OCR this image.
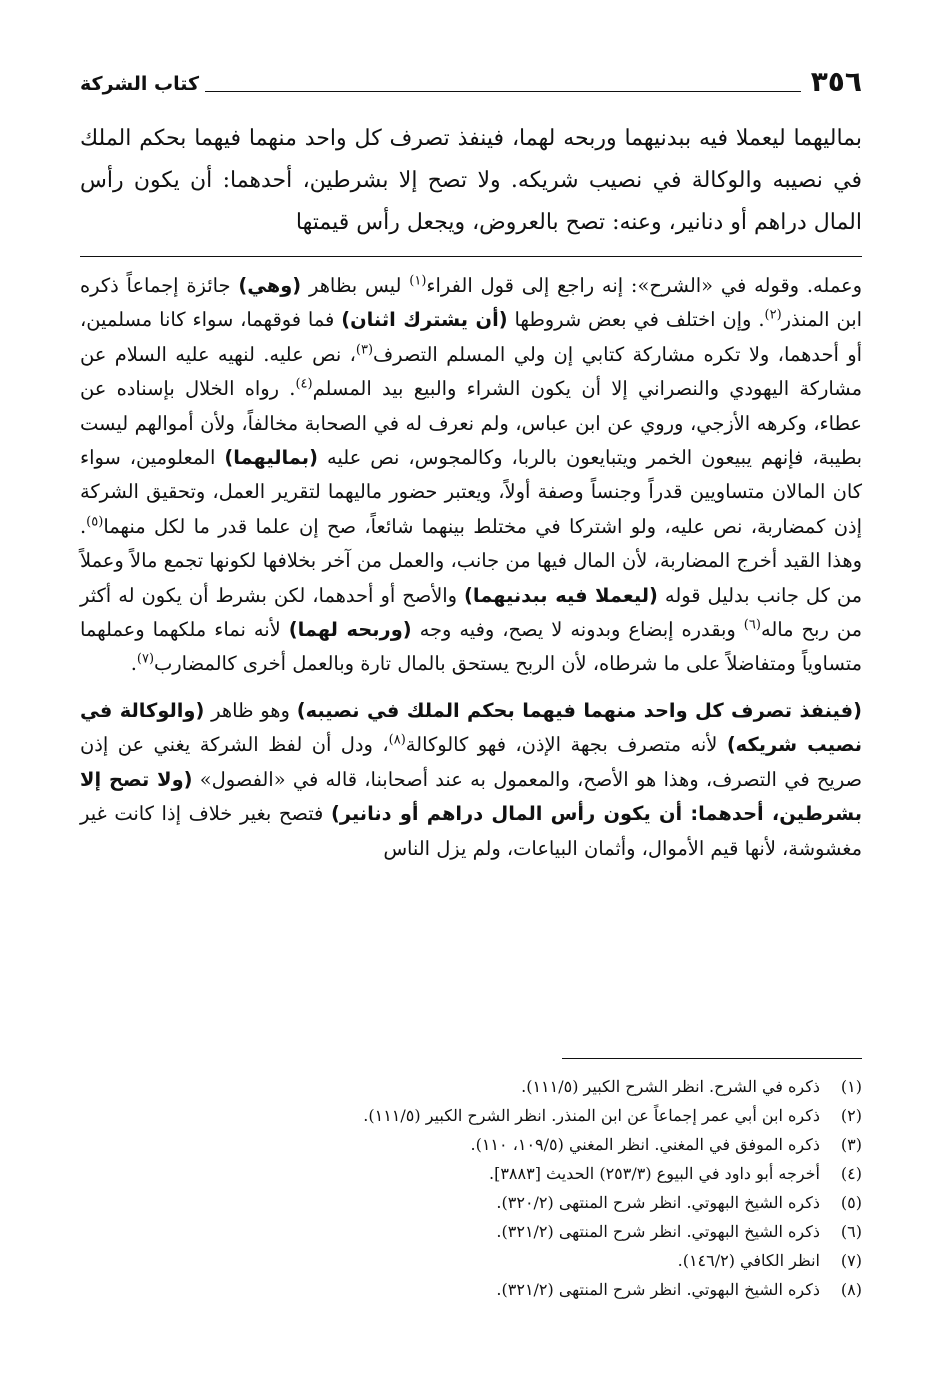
٣٥٦
كتاب الشركة

بماليهما ليعملا فيه ببدنيهما وربحه لهما، فينفذ تصرف كل واحد منهما فيهما بحكم الملك في نصيبه والوكالة في نصيب شريكه. ولا تصح إلا بشرطين، أحدهما: أن يكون رأس المال دراهم أو دنانير، وعنه: تصح بالعروض، ويجعل رأس قيمتها

وعمله. وقوله في «الشرح»: إنه راجع إلى قول الفراء$^{(١)}$ ليس بظاهر (وهي) جائزة إجماعاً ذكره ابن المنذر$^{(٢)}$. وإن اختلف في بعض شروطها (أن يشترك اثنان) فما فوقهما، سواء كانا مسلمين، أو أحدهما، ولا تكره مشاركة كتابي إن ولي المسلم التصرف$^{(٣)}$، نص عليه. لنهيه عليه السلام عن مشاركة اليهودي والنصراني إلا أن يكون الشراء والبيع بيد المسلم$^{(٤)}$. رواه الخلال بإسناده عن عطاء، وكرهه الأزجي، وروي عن ابن عباس، ولم نعرف له في الصحابة مخالفاً، ولأن أموالهم ليست بطيبة، فإنهم يبيعون الخمر ويتبايعون بالربا، وكالمجوس، نص عليه (بماليهما) المعلومين، سواء كان المالان متساويين قدراً وجنساً وصفة أولاً، ويعتبر حضور ماليهما لتقرير العمل، وتحقيق الشركة إذن كمضاربة، نص عليه، ولو اشتركا في مختلط بينهما شائعاً، صح إن علما قدر ما لكل منهما$^{(٥)}$. وهذا القيد أخرج المضاربة، لأن المال فيها من جانب، والعمل من آخر بخلافها لكونها تجمع مالاً وعملاً من كل جانب بدليل قوله (ليعملا فيه ببدنيهما) والأصح أو أحدهما، لكن بشرط أن يكون له أكثر من ربح ماله$^{(٦)}$ وبقدره إبضاع وبدونه لا يصح، وفيه وجه (وربحه لهما) لأنه نماء ملكهما وعملهما متساوياً ومتفاضلاً على ما شرطاه، لأن الربح يستحق بالمال تارة وبالعمل أخرى كالمضارب$^{(٧)}$.

(فينفذ تصرف كل واحد منهما فيهما بحكم الملك في نصيبه) وهو ظاهر (والوكالة في نصيب شريكه) لأنه متصرف بجهة الإذن، فهو كالوكالة$^{(٨)}$، ودل أن لفظ الشركة يغني عن إذن صريح في التصرف، وهذا هو الأصح، والمعمول به عند أصحابنا، قاله في «الفصول» (ولا تصح إلا بشرطين، أحدهما: أن يكون رأس المال دراهم أو دنانير) فتصح بغير خلاف إذا كانت غير مغشوشة، لأنها قيم الأموال، وأثمان البياعات، ولم يزل الناس

(١)
ذكره في الشرح. انظر الشرح الكبير (١١١/٥).
(٢)
ذكره ابن أبي عمر إجماعاً عن ابن المنذر. انظر الشرح الكبير (١١١/٥).
(٣)
ذكره الموفق في المغني. انظر المغني (١٠٩/٥، ١١٠).
(٤)
أخرجه أبو داود في البيوع (٢٥٣/٣) الحديث [٣٨٨٣].
(٥)
ذكره الشيخ البهوتي. انظر شرح المنتهى (٣٢٠/٢).
(٦)
ذكره الشيخ البهوتي. انظر شرح المنتهى (٣٢١/٢).
(٧)
انظر الكافي (١٤٦/٢).
(٨)
ذكره الشيخ البهوتي. انظر شرح المنتهى (٣٢١/٢).
